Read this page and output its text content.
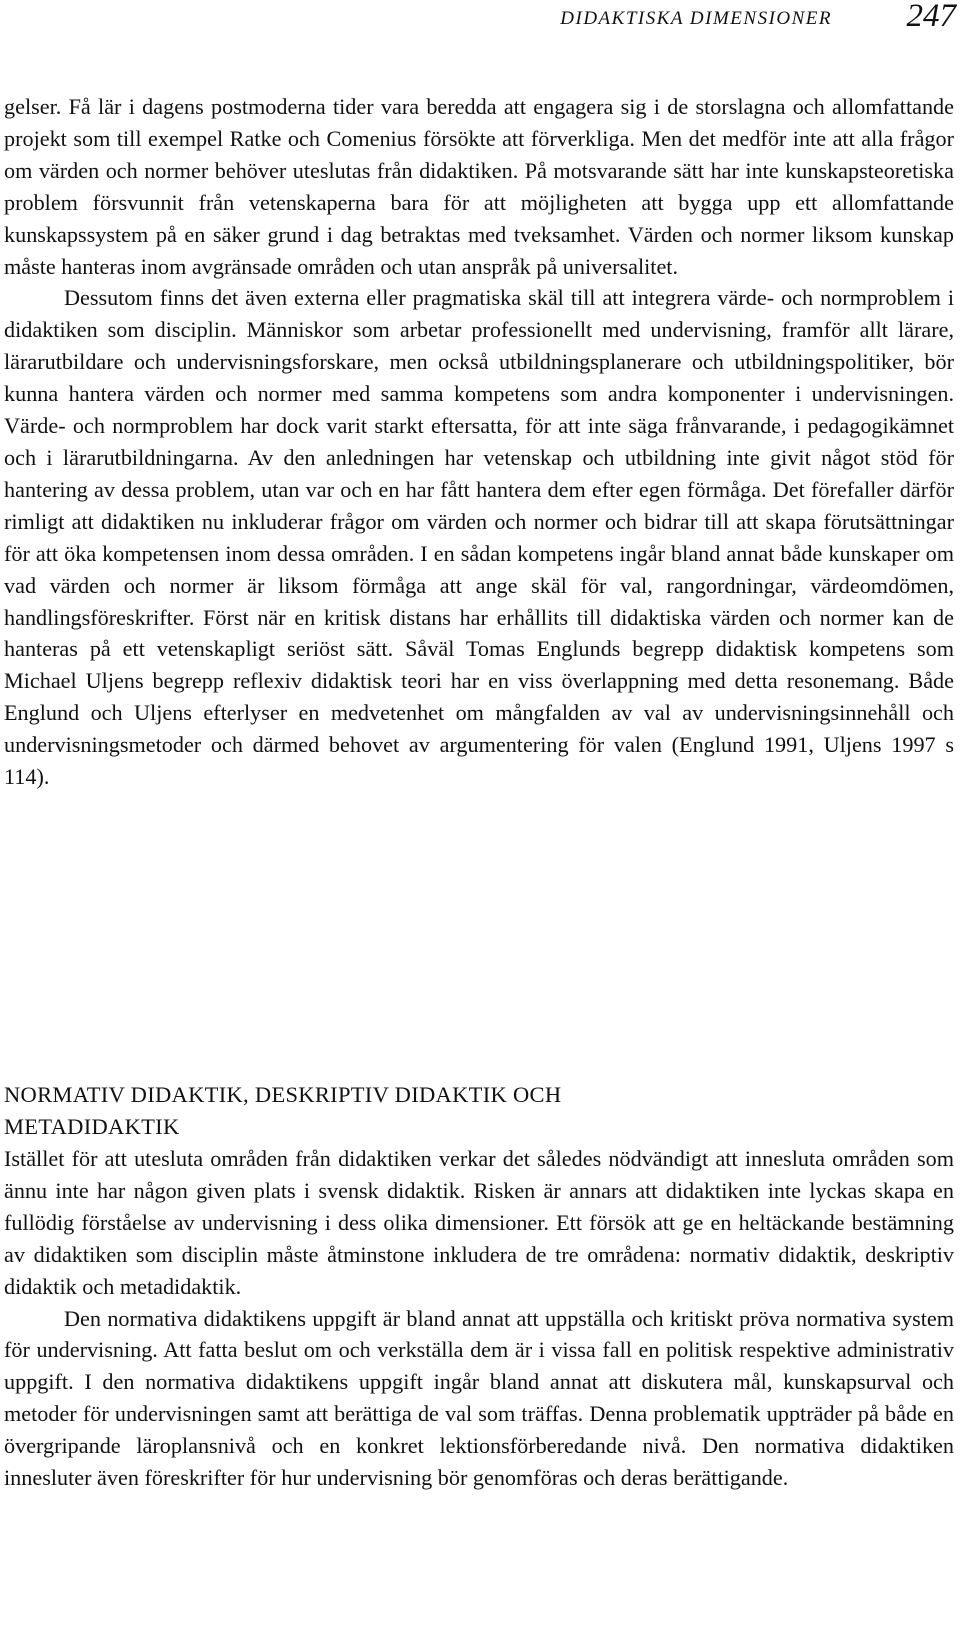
DIDAKTISKA DIMENSIONER 247

gelser. Få lär i dagens postmoderna tider vara beredda att engagera sig i de storslagna och allomfattande projekt som till exempel Ratke och Comenius försökte att förverkliga. Men det medför inte att alla frågor om värden och normer behöver uteslutas från didaktiken. På motsvarande sätt har inte kunskapsteoretiska problem försvunnit från vetenskaperna bara för att möjligheten att bygga upp ett allomfattande kunskapssystem på en säker grund i dag betraktas med tveksamhet. Värden och normer liksom kunskap måste hanteras inom avgränsade områden och utan anspråk på universalitet.

Dessutom finns det även externa eller pragmatiska skäl till att integrera värde- och normproblem i didaktiken som disciplin. Människor som arbetar professionellt med undervisning, framför allt lärare, lärarutbildare och undervisningsforskare, men också utbildningsplanerare och utbildningspolitiker, bör kunna hantera värden och normer med samma kompetens som andra komponenter i undervisningen. Värde- och normproblem har dock varit starkt eftersatta, för att inte säga frånvarande, i pedagogikämnet och i lärarutbildningarna. Av den anledningen har vetenskap och utbildning inte givit något stöd för hantering av dessa problem, utan var och en har fått hantera dem efter egen förmåga. Det förefaller därför rimligt att didaktiken nu inkluderar frågor om värden och normer och bidrar till att skapa förutsättningar för att öka kompetensen inom dessa områden. I en sådan kompetens ingår bland annat både kunskaper om vad värden och normer är liksom förmåga att ange skäl för val, rangordningar, värdeomdömen, handlingsföreskrifter. Först när en kritisk distans har erhållits till didaktiska värden och normer kan de hanteras på ett vetenskapligt seriöst sätt. Såväl Tomas Englunds begrepp didaktisk kompetens som Michael Uljens begrepp reflexiv didaktisk teori har en viss överlappning med detta resonemang. Både Englund och Uljens efterlyser en medvetenhet om mångfalden av val av undervisningsinnehåll och undervisningsmetoder och därmed behovet av argumentering för valen (Englund 1991, Uljens 1997 s 114).

NORMATIV DIDAKTIK, DESKRIPTIV DIDAKTIK OCH
METADIDAKTIK

Istället för att utesluta områden från didaktiken verkar det således nödvändigt att innesluta områden som ännu inte har någon given plats i svensk didaktik. Risken är annars att didaktiken inte lyckas skapa en fullödig förståelse av undervisning i dess olika dimensioner. Ett försök att ge en heltäckande bestämning av didaktiken som disciplin måste åtminstone inkludera de tre områdena: normativ didaktik, deskriptiv didaktik och metadidaktik.

Den normativa didaktikens uppgift är bland annat att uppställa och kritiskt pröva normativa system för undervisning. Att fatta beslut om och verkställa dem är i vissa fall en politisk respektive administrativ uppgift. I den normativa didaktikens uppgift ingår bland annat att diskutera mål, kunskapsurval och metoder för undervisningen samt att berättiga de val som träffas. Denna problematik uppträder på både en övergripande läroplansnivå och en konkret lektionsförberedande nivå. Den normativa didaktiken innesluter även föreskrifter för hur undervisning bör genomföras och deras berättigande.
